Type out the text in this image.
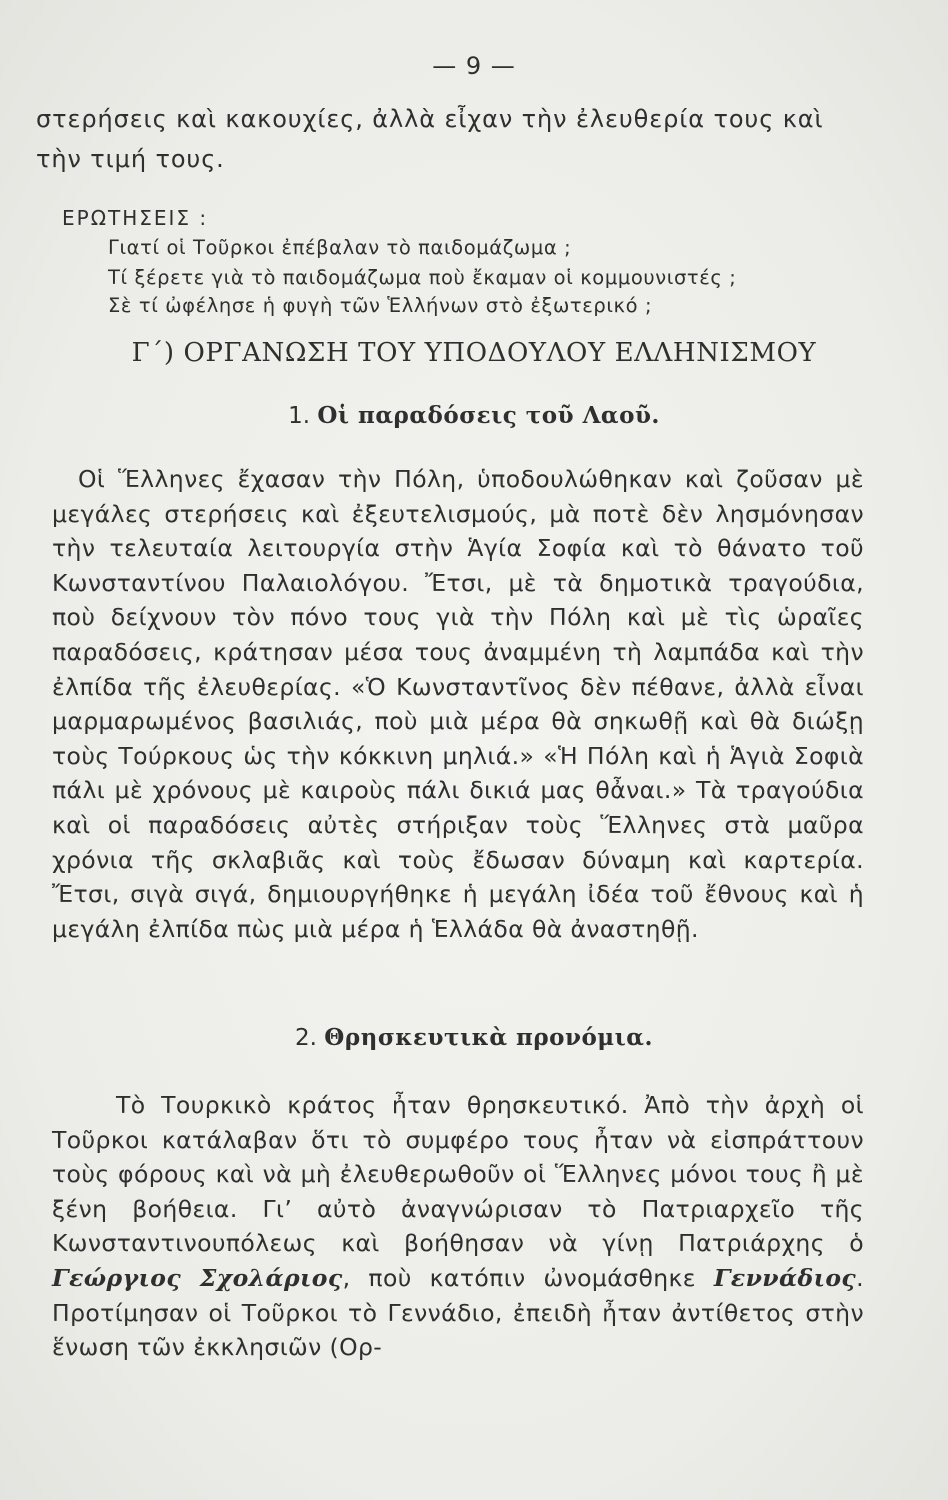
— 9 —
στερήσεις καὶ κακουχίες, ἀλλὰ εἶχαν τὴν ἐλευθερία τους καὶ
τὴν τιμή τους.
ΕΡΩΤΗΣΕΙΣ :
Γιατί οἱ Τοῦρκοι ἐπέβαλαν τὸ παιδομάζωμα ;
Τί ξέρετε γιὰ τὸ παιδομάζωμα ποὺ ἔκαμαν οἱ κομμουνιστές ;
Σὲ τί ὠφέλησε ἡ φυγὴ τῶν Ἑλλήνων στὸ ἐξωτερικό ;
Γ΄) ΟΡΓΑΝΩΣΗ ΤΟΥ ΥΠΟΔΟΥΛΟΥ ΕΛΛΗΝΙΣΜΟΥ
1. Οἱ παραδόσεις τοῦ Λαοῦ.
Οἱ Ἕλληνες ἔχασαν τὴν Πόλη, ὑποδουλώθηκαν καὶ ζοῦσαν μὲ μεγάλες στερήσεις καὶ ἐξευτελισμούς, μὰ ποτὲ δὲν λησμόνησαν τὴν τελευταία λειτουργία στὴν Ἁγία Σοφία καὶ τὸ θάνατο τοῦ Κωνσταντίνου Παλαιολόγου. Ἔτσι, μὲ τὰ δημοτικὰ τραγούδια, ποὺ δείχνουν τὸν πόνο τους γιὰ τὴν Πόλη καὶ μὲ τὶς ὡραῖες παραδόσεις, κράτησαν μέσα τους ἀναμμένη τὴ λαμπάδα καὶ τὴν ἐλπίδα τῆς ἐλευθερίας. «Ὁ Κωνσταντῖνος δὲν πέθανε, ἀλλὰ εἶναι μαρμαρωμένος βασιλιάς, ποὺ μιὰ μέρα θὰ σηκωθῇ καὶ θὰ διώξῃ τοὺς Τούρκους ὡς τὴν κόκκινη μηλιά.» «Ἡ Πόλη καὶ ἡ Ἁγιὰ Σοφιὰ πάλι μὲ χρόνους μὲ καιροὺς πάλι δικιά μας θἆναι.» Τὰ τραγούδια καὶ οἱ παραδόσεις αὐτὲς στήριξαν τοὺς Ἕλληνες στὰ μαῦρα χρόνια τῆς σκλαβιᾶς καὶ τοὺς ἔδωσαν δύναμη καὶ καρτερία. Ἔτσι, σιγὰ σιγά, δημιουργήθηκε ἡ μεγάλη ἰδέα τοῦ ἔθνους καὶ ἡ μεγάλη ἐλπίδα πὼς μιὰ μέρα ἡ Ἑλλάδα θὰ ἀναστηθῇ.
2. Θρησκευτικὰ προνόμια.
Τὸ Τουρκικὸ κράτος ἦταν θρησκευτικό. Ἀπὸ τὴν ἀρχὴ οἱ Τοῦρκοι κατάλαβαν ὅτι τὸ συμφέρο τους ἦταν νὰ εἰσπράττουν τοὺς φόρους καὶ νὰ μὴ ἐλευθερωθοῦν οἱ Ἕλληνες μόνοι τους ἢ μὲ ξένη βοήθεια. Γι’ αὐτὸ ἀναγνώρισαν τὸ Πατριαρχεῖο τῆς Κωνσταντινουπόλεως καὶ βοήθησαν νὰ γίνῃ Πατριάρχης ὁ Γεώργιος Σχολάριος, ποὺ κατόπιν ὠνομάσθηκε Γεννάδιος. Προτίμησαν οἱ Τοῦρκοι τὸ Γεννάδιο, ἐπειδὴ ἦταν ἀντίθετος στὴν ἕνωση τῶν ἐκκλησιῶν (Ορ-
